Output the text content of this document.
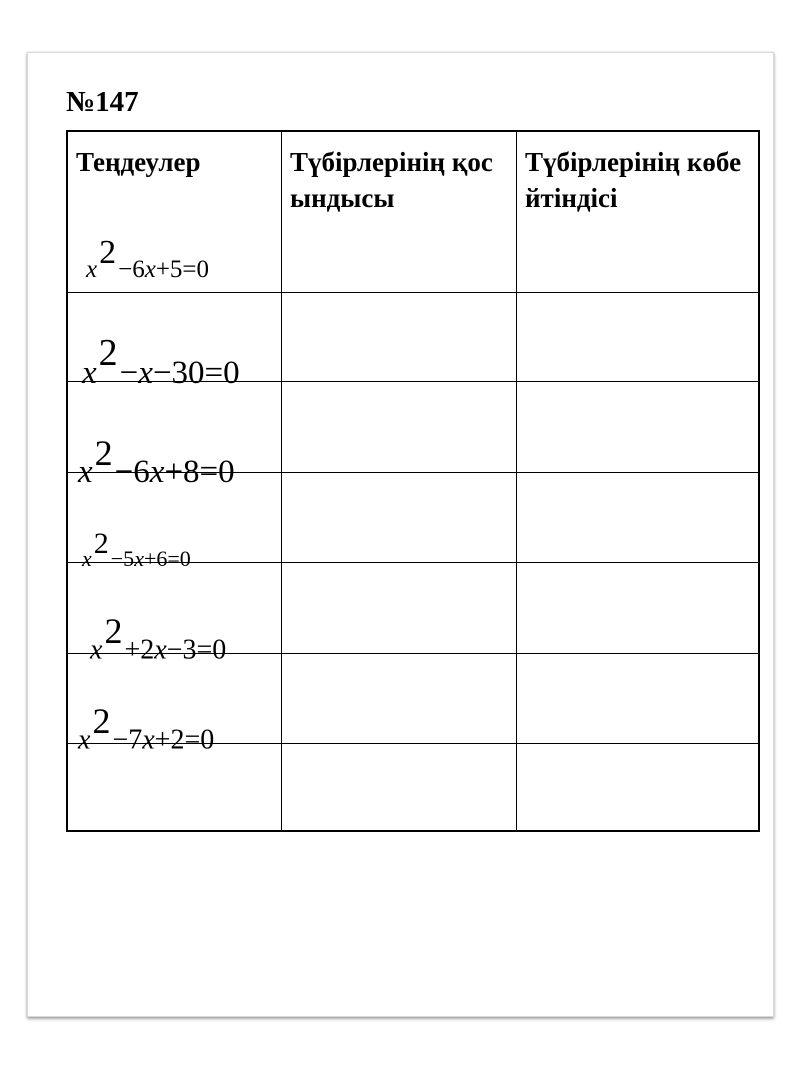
№147
Теңдеулер	Түбірлерінің қосындысы
Түбірлерінің көбейтіндісі
$x^2-6x+5=0$
$x^2-x-30=0$
$x^2-6x+8=0$
$x^2-5x+6=0$
$x^2+2x-3=0$
$x^2-7x+2=0$
